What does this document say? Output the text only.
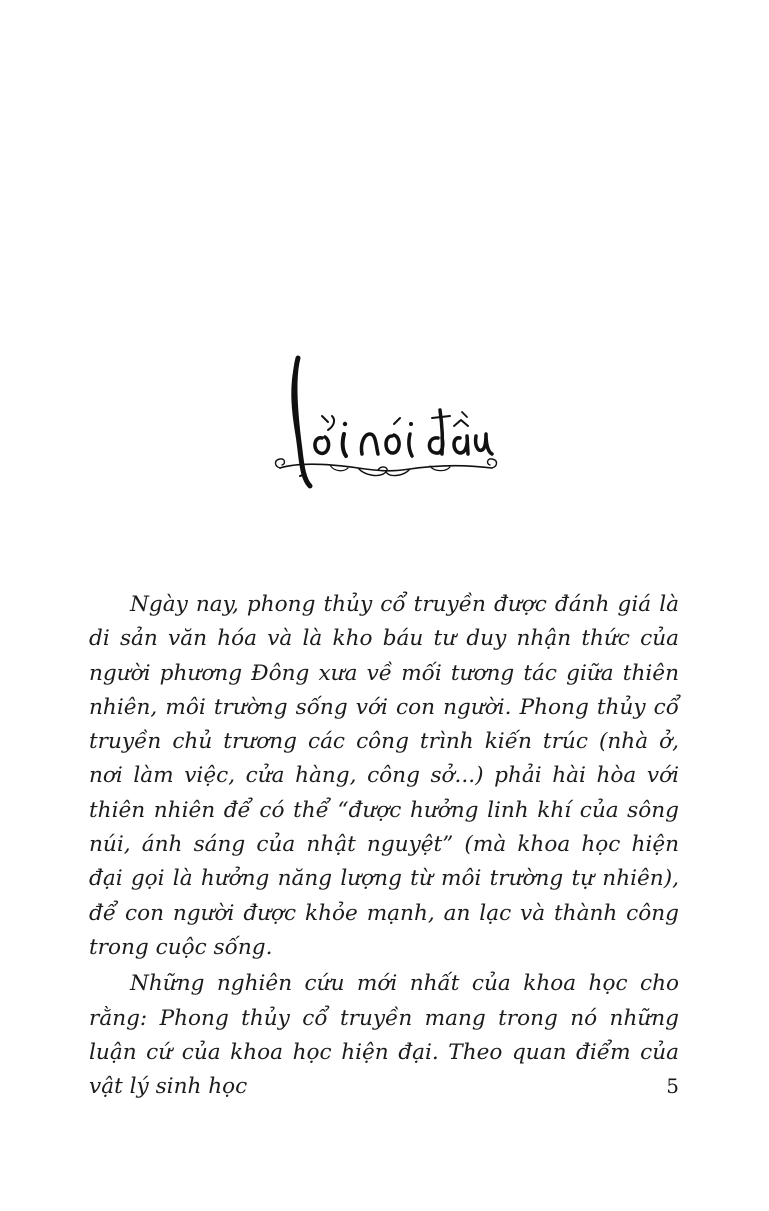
Ngày nay, phong thủy cổ truyền được đánh giá là di sản văn hóa và là kho báu tư duy nhận thức của người phương Đông xưa về mối tương tác giữa thiên nhiên, môi trường sống với con người. Phong thủy cổ truyền chủ trương các công trình kiến trúc (nhà ở, nơi làm việc, cửa hàng, công sở...) phải hài hòa với thiên nhiên để có thể “được hưởng linh khí của sông núi, ánh sáng của nhật nguyệt” (mà khoa học hiện đại gọi là hưởng năng lượng từ môi trường tự nhiên), để con người được khỏe mạnh, an lạc và thành công trong cuộc sống.

Những nghiên cứu mới nhất của khoa học cho rằng: Phong thủy cổ truyền mang trong nó những luận cứ của khoa học hiện đại. Theo quan điểm của vật lý sinh học	5
